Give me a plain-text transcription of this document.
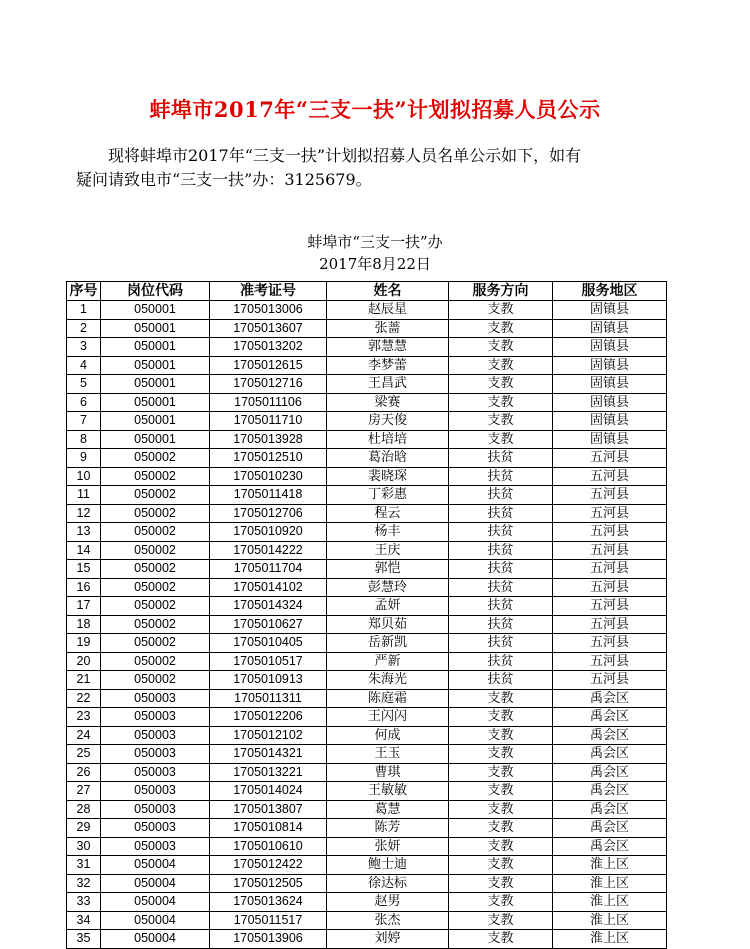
蚌埠市2017年“三支一扶”计划拟招募人员公示
现将蚌埠市2017年“三支一扶”计划拟招募人员名单公示如下，如有
疑问请致电市“三支一扶”办：3125679。
蚌埠市“三支一扶”办
2017年8月22日
序号	岗位代码	准考证号	姓名	服务方向	服务地区
1	050001	1705013006	赵辰星	支教	固镇县
2	050001	1705013607	张蔷	支教	固镇县
3	050001	1705013202	郭慧慧	支教	固镇县
4	050001	1705012615	李梦蕾	支教	固镇县
5	050001	1705012716	王昌武	支教	固镇县
6	050001	1705011106	梁赛	支教	固镇县
7	050001	1705011710	房天俊	支教	固镇县
8	050001	1705013928	杜培培	支教	固镇县
9	050002	1705012510	葛治晗	扶贫	五河县
10	050002	1705010230	裴晓琛	扶贫	五河县
11	050002	1705011418	丁彩惠	扶贫	五河县
12	050002	1705012706	程云	扶贫	五河县
13	050002	1705010920	杨丰	扶贫	五河县
14	050002	1705014222	王庆	扶贫	五河县
15	050002	1705011704	郭恺	扶贫	五河县
16	050002	1705014102	彭慧玲	扶贫	五河县
17	050002	1705014324	孟妍	扶贫	五河县
18	050002	1705010627	郑贝茹	扶贫	五河县
19	050002	1705010405	岳新凯	扶贫	五河县
20	050002	1705010517	严新	扶贫	五河县
21	050002	1705010913	朱海光	扶贫	五河县
22	050003	1705011311	陈庭霜	支教	禹会区
23	050003	1705012206	王闪闪	支教	禹会区
24	050003	1705012102	何成	支教	禹会区
25	050003	1705014321	王玉	支教	禹会区
26	050003	1705013221	曹琪	支教	禹会区
27	050003	1705014024	王敏敏	支教	禹会区
28	050003	1705013807	葛慧	支教	禹会区
29	050003	1705010814	陈芳	支教	禹会区
30	050003	1705010610	张妍	支教	禹会区
31	050004	1705012422	鲍士迪	支教	淮上区
32	050004	1705012505	徐达标	支教	淮上区
33	050004	1705013624	赵男	支教	淮上区
34	050004	1705011517	张杰	支教	淮上区
35	050004	1705013906	刘婷	支教	淮上区
